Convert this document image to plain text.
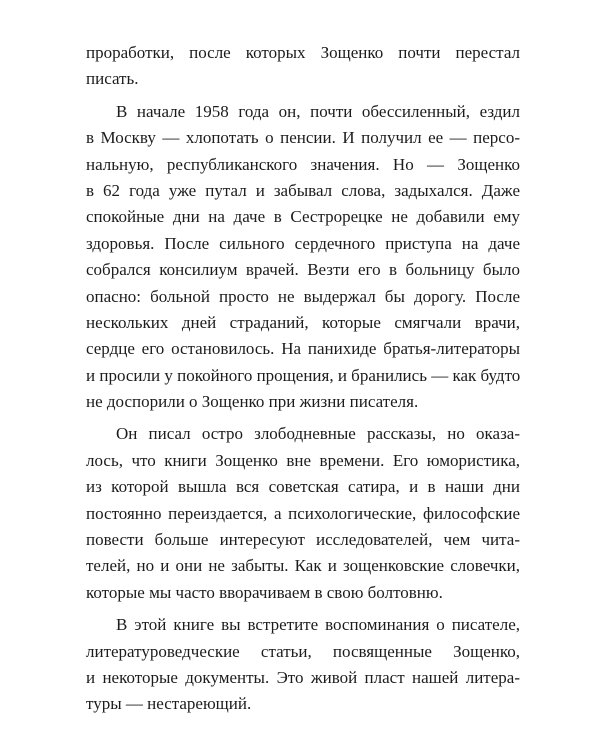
проработки, после которых Зощенко почти перестал
писать.
В начале 1958 года он, почти обессиленный, ездил
в Москву — хлопотать о пенсии. И получил ее — персо-
нальную, республиканского значения. Но — Зощенко
в 62 года уже путал и забывал слова, задыхался. Даже
спокойные дни на даче в Сестрорецке не добавили ему
здоровья. После сильного сердечного приступа на даче
собрался консилиум врачей. Везти его в больницу было
опасно: больной просто не выдержал бы дорогу. После
нескольких дней страданий, которые смягчали врачи,
сердце его остановилось. На панихиде братья-литераторы
и просили у покойного прощения, и бранились — как будто
не доспорили о Зощенко при жизни писателя.
Он писал остро злободневные рассказы, но оказа-
лось, что книги Зощенко вне времени. Его юмористика,
из которой вышла вся советская сатира, и в наши дни
постоянно переиздается, а психологические, философские
повести больше интересуют исследователей, чем чита-
телей, но и они не забыты. Как и зощенковские словечки,
которые мы часто вворачиваем в свою болтовню.
В этой книге вы встретите воспоминания о писателе,
литературоведческие статьи, посвященные Зощенко,
и некоторые документы. Это живой пласт нашей литера-
туры — нестареющий.
